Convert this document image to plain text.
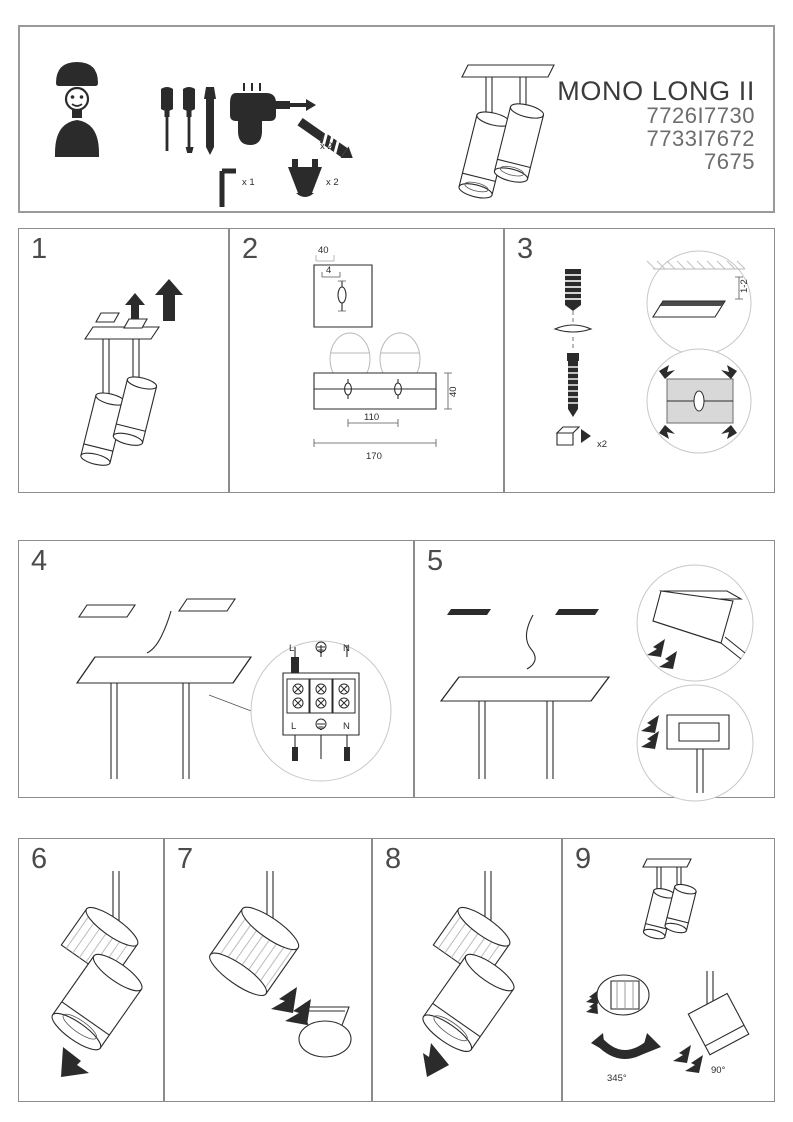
x 2
x 1	x 2
MONO LONG II
7726I7730
7733I7672
7675
1	2	40
4
40
110
170
3
x2
1-2
4
L	N
L	N
5
6	7	8	9
90°
345°
